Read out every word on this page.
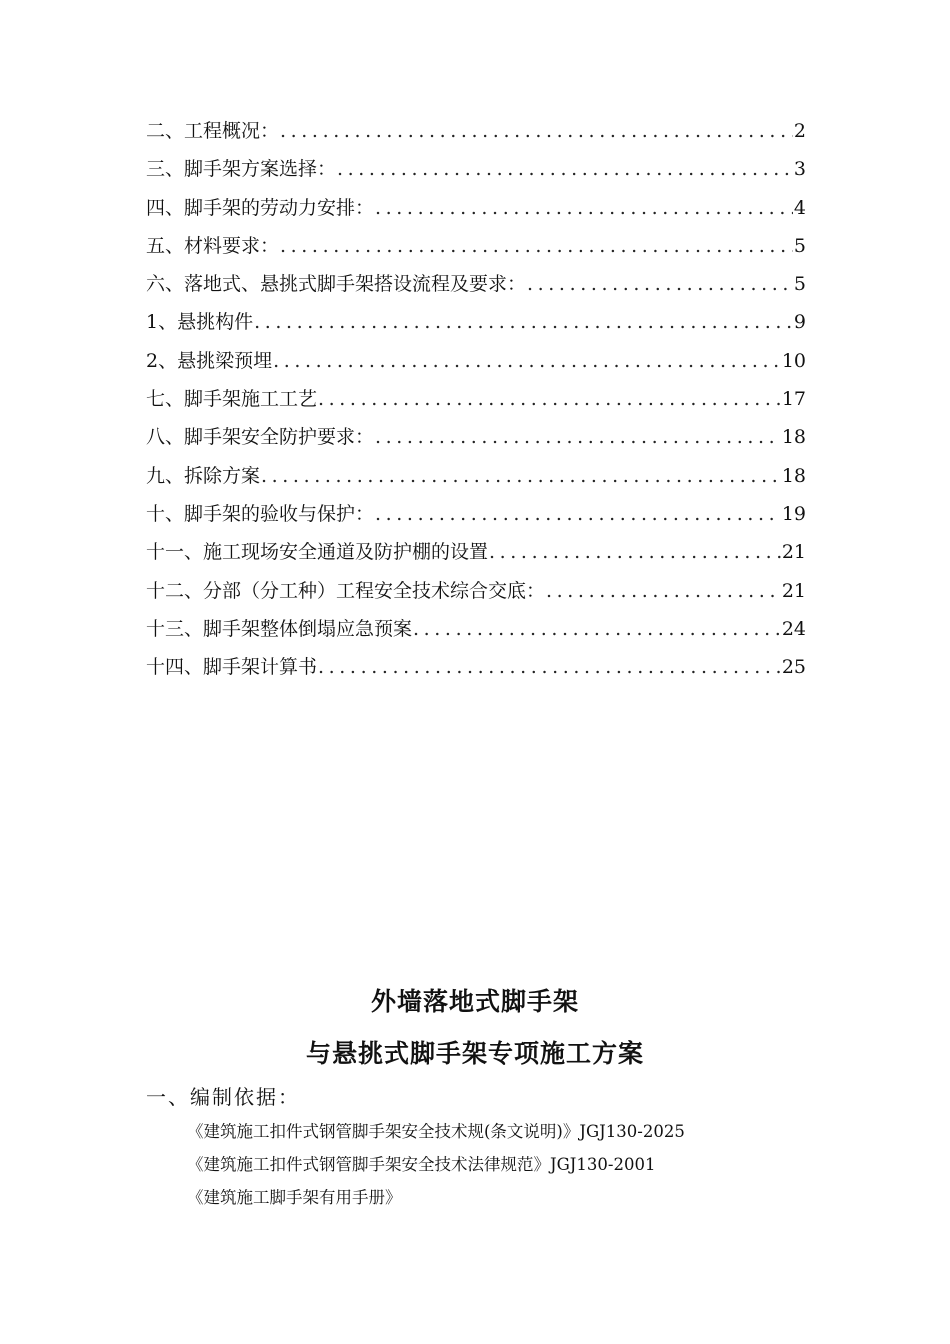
二、工程概况： .....	2
三、脚手架方案选择： .....	3
四、脚手架的劳动力安排： .....	4
五、材料要求： .....	5
六、落地式、悬挑式脚手架搭设流程及要求： .....	5
1、悬挑构件 .....	9
2、悬挑梁预埋 .....	10
七、脚手架施工工艺 .....	17
八、脚手架安全防护要求： .....	18
九、拆除方案 .....	18
十、脚手架的验收与保护： .....	19
十一、施工现场安全通道及防护棚的设置 .....	21
十二、分部（分工种）工程安全技术综合交底： .....	21
十三、脚手架整体倒塌应急预案 .....	24
十四、脚手架计算书 .....	25
外墙落地式脚手架
与悬挑式脚手架专项施工方案
一、编制依据：
《建筑施工扣件式钢管脚手架安全技术规(条文说明)》JGJ130-2025
《建筑施工扣件式钢管脚手架安全技术法律规范》JGJ130-2001
《建筑施工脚手架有用手册》
